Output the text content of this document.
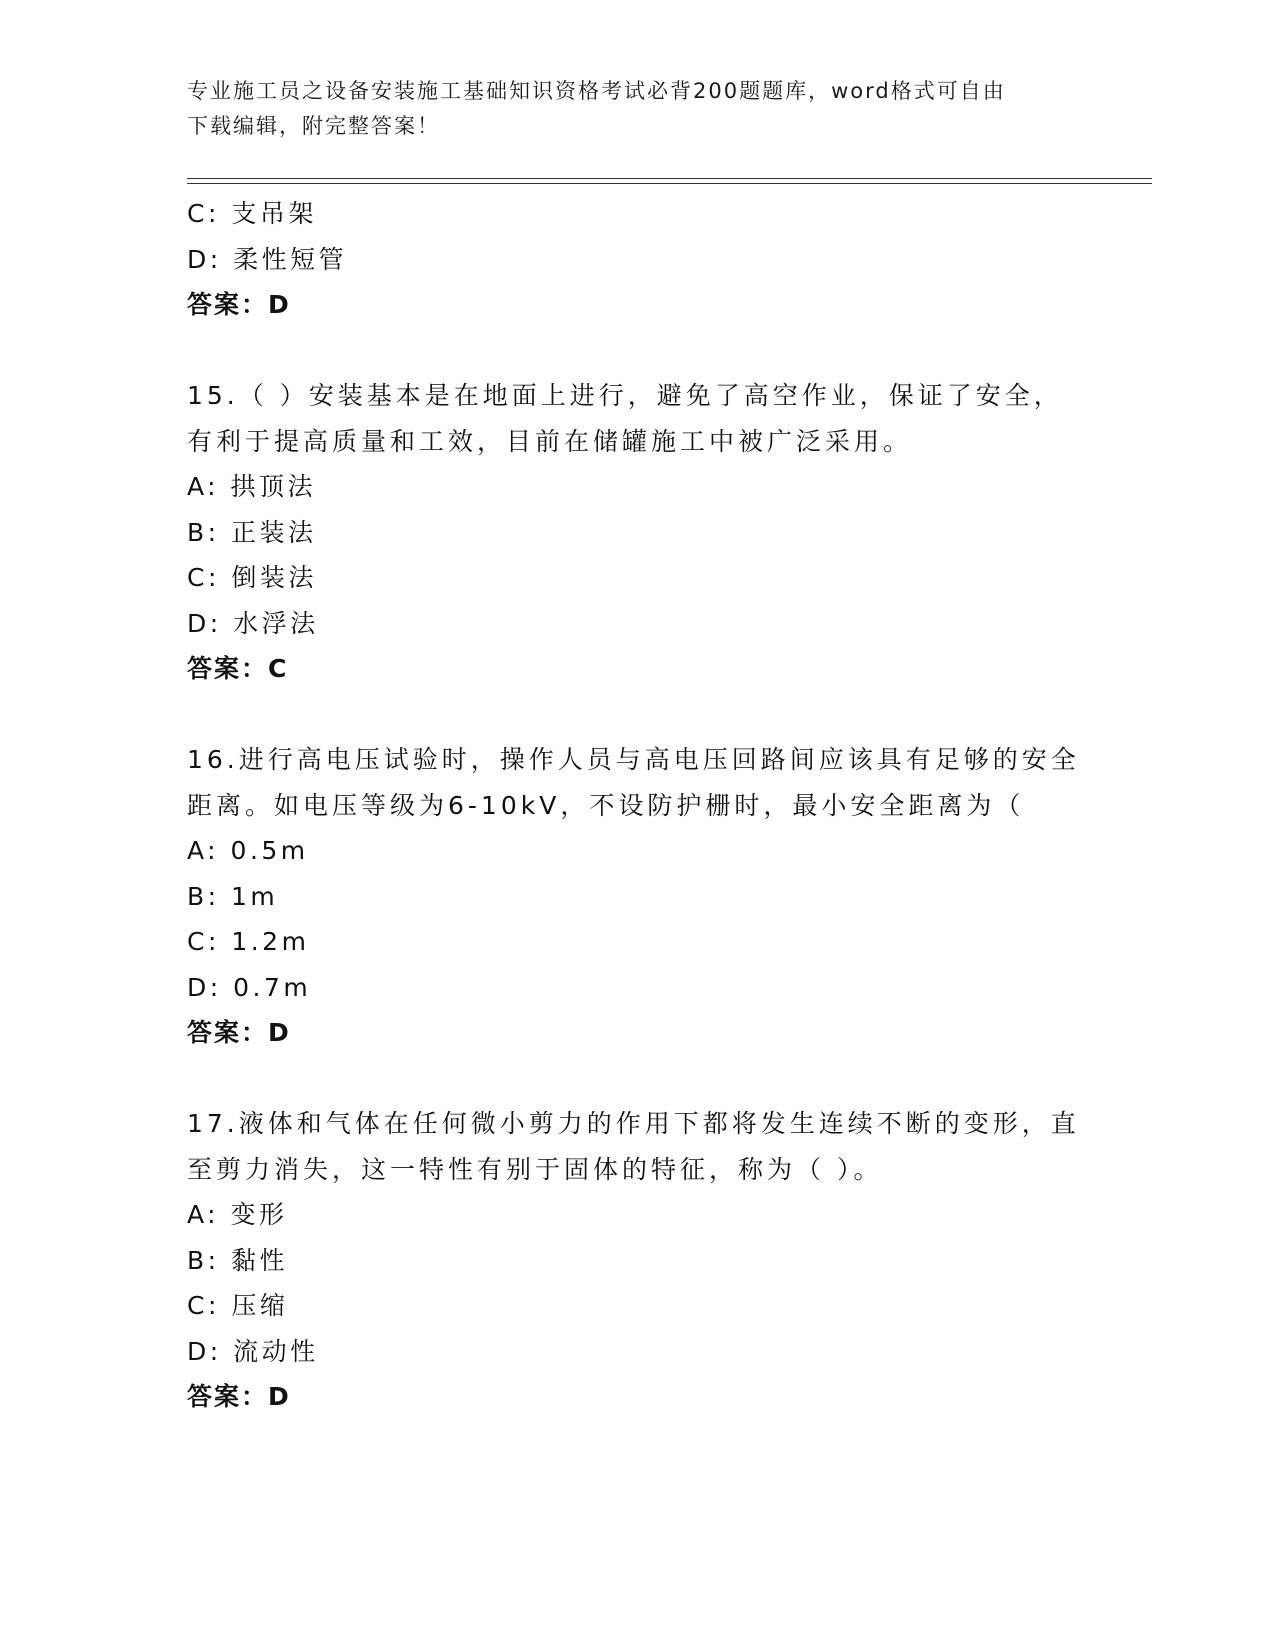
专业施工员之设备安装施工基础知识资格考试必背200题题库，word格式可自由
下载编辑，附完整答案！
C: 支吊架
D: 柔性短管
答案：D
15.（ ）安装基本是在地面上进行，避免了高空作业，保证了安全，
有利于提高质量和工效，目前在储罐施工中被广泛采用。
A: 拱顶法
B: 正装法
C: 倒装法
D: 水浮法
答案：C
16.进行高电压试验时，操作人员与高电压回路间应该具有足够的安全
距离。如电压等级为6-10kV，不设防护栅时，最小安全距离为（
A: 0.5m
B: 1m
C: 1.2m
D: 0.7m
答案：D
17.液体和气体在任何微小剪力的作用下都将发生连续不断的变形，直
至剪力消失，这一特性有别于固体的特征，称为（ ）。
A: 变形
B: 黏性
C: 压缩
D: 流动性
答案：D
